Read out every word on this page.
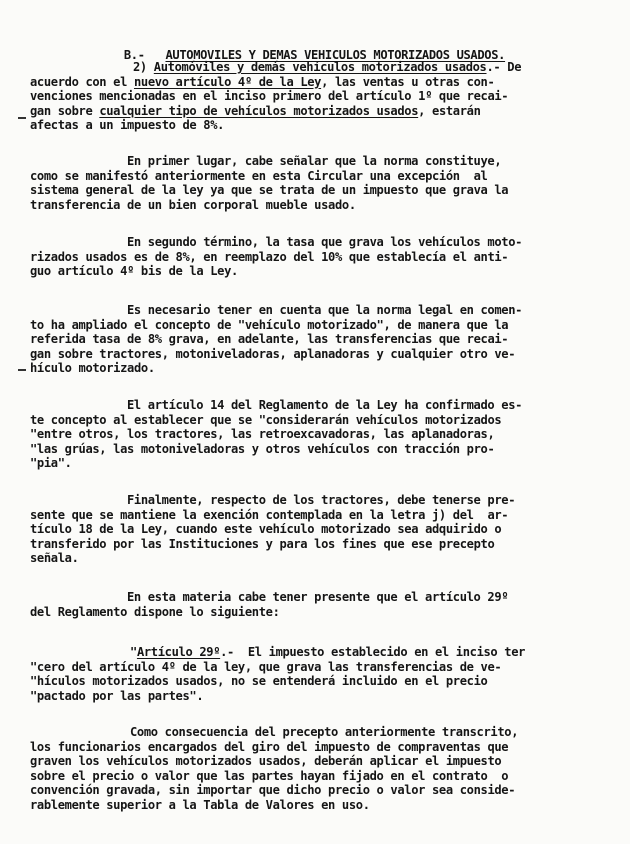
B.- AUTOMOVILES Y DEMAS VEHICULOS MOTORIZADOS USADOS.

2) Automóviles y demás vehículos motorizados usados.- De
acuerdo con el nuevo artículo 4º de la Ley, las ventas u otras con-
venciones mencionadas en el inciso primero del artículo 1º que recai-
gan sobre cualquier tipo de vehículos motorizados usados, estarán
afectas a un impuesto de 8%.
En primer lugar, cabe señalar que la norma constituye,
como se manifestó anteriormente en esta Circular una excepción  al
sistema general de la ley ya que se trata de un impuesto que grava la
transferencia de un bien corporal mueble usado.
En segundo término, la tasa que grava los vehículos moto-
rizados usados es de 8%, en reemplazo del 10% que establecía el anti-
guo artículo 4º bis de la Ley.
Es necesario tener en cuenta que la norma legal en comen-
to ha ampliado el concepto de "vehículo motorizado", de manera que la
referida tasa de 8% grava, en adelante, las transferencias que recai-
gan sobre tractores, motoniveladoras, aplanadoras y cualquier otro ve-
hículo motorizado.
El artículo 14 del Reglamento de la Ley ha confirmado es-
te concepto al establecer que se "considerarán vehículos motorizados
"entre otros, los tractores, las retroexcavadoras, las aplanadoras,
"las grúas, las motoniveladoras y otros vehículos con tracción pro-
"pia".
Finalmente, respecto de los tractores, debe tenerse pre-
sente que se mantiene la exención contemplada en la letra j) del  ar-
tículo 18 de la Ley, cuando este vehículo motorizado sea adquirido o
transferido por las Instituciones y para los fines que ese precepto
señala.
En esta materia cabe tener presente que el artículo 29º
del Reglamento dispone lo siguiente:
"Artículo 29º.-  El impuesto establecido en el inciso ter
"cero del artículo 4º de la ley, que grava las transferencias de ve-
"hículos motorizados usados, no se entenderá incluido en el precio
"pactado por las partes".
Como consecuencia del precepto anteriormente transcrito,
los funcionarios encargados del giro del impuesto de compraventas que
graven los vehículos motorizados usados, deberán aplicar el impuesto
sobre el precio o valor que las partes hayan fijado en el contrato  o
convención gravada, sin importar que dicho precio o valor sea conside-
rablemente superior a la Tabla de Valores en uso.
